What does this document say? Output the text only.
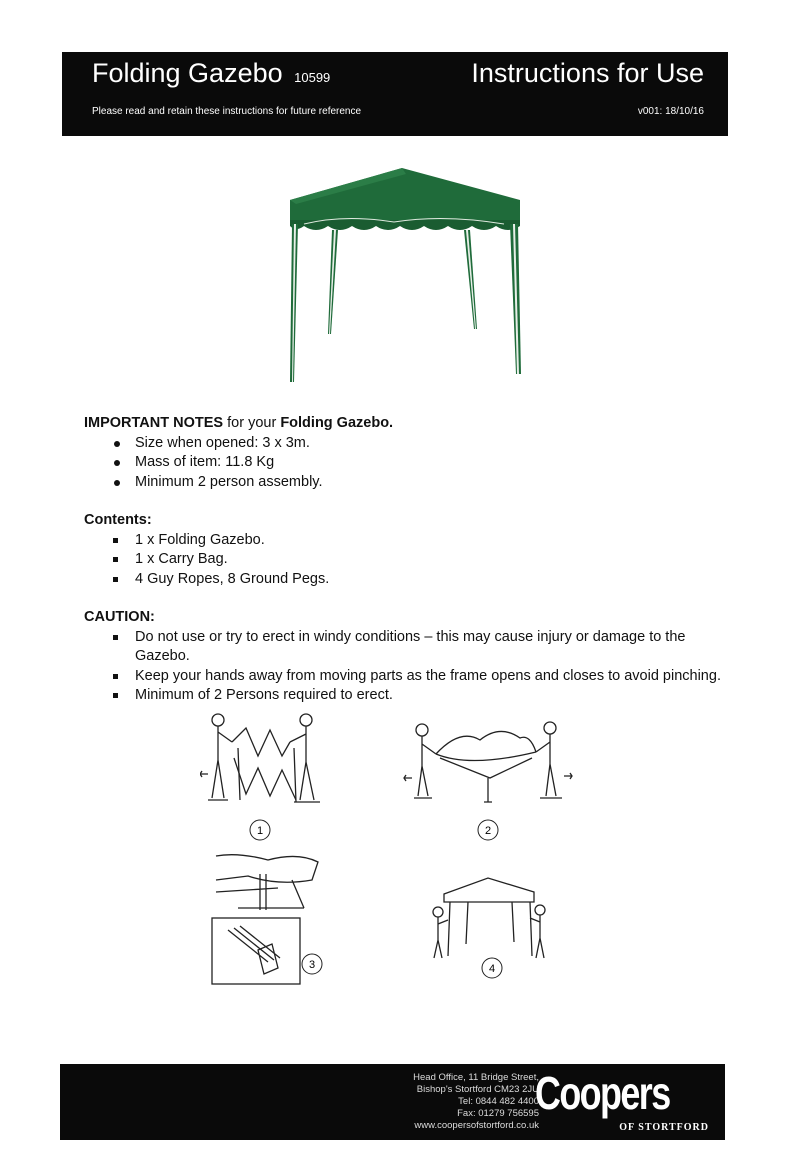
Folding Gazebo 10599	Instructions for Use
Please read and retain these instructions for future reference	v001: 18/10/16

IMPORTANT NOTES for your Folding Gazebo.

Size when opened: 3 x 3m.
Mass of item: 11.8 Kg
Minimum 2 person assembly.

Contents:

1 x Folding Gazebo.
1 x Carry Bag.
4 Guy Ropes, 8 Ground Pegs.

CAUTION:

Do not use or try to erect in windy conditions – this may cause injury or damage to the Gazebo.
Keep your hands away from moving parts as the frame opens and closes to avoid pinching.
Minimum of 2 Persons required to erect.
1	2
3	4
Head Office, 11 Bridge Street,
Bishop's Stortford CM23 2JU
Tel: 0844 482 4400
Fax: 01279 756595
www.coopersofstortford.co.uk
Coopers
OF STORTFORD
